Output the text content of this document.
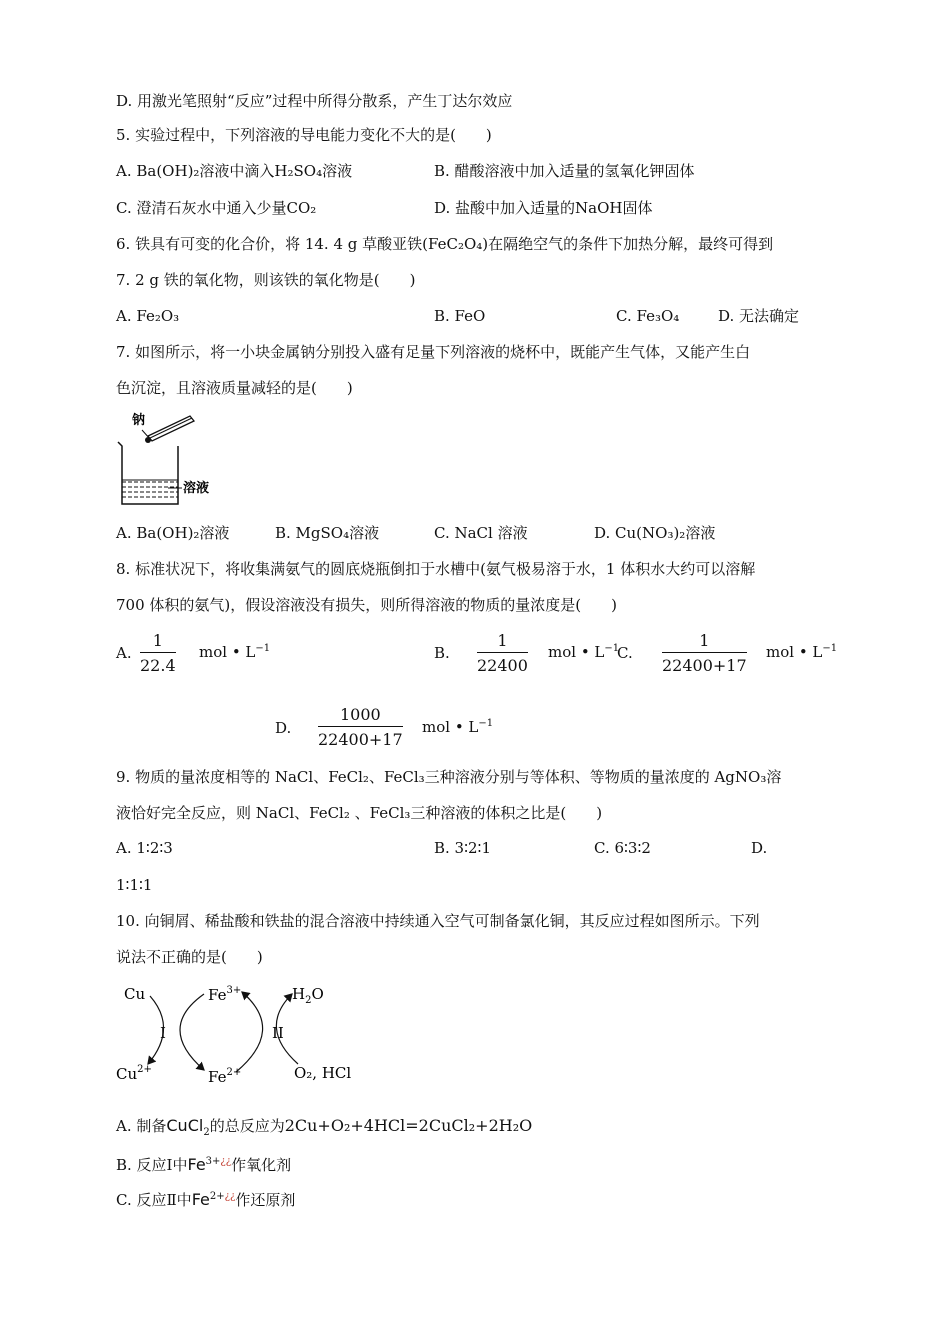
D. 用激光笔照射“反应”过程中所得分散系，产生丁达尔效应
5. 实验过程中，下列溶液的导电能力变化不大的是(　　)
A. Ba(OH)₂溶液中滴入H₂SO₄溶液	B. 醋酸溶液中加入适量的氢氧化钾固体
C. 澄清石灰水中通入少量CO₂	D. 盐酸中加入适量的NaOH固体
6. 铁具有可变的化合价，将 14. 4 g 草酸亚铁(FeC₂O₄)在隔绝空气的条件下加热分解，最终可得到
7. 2 g 铁的氧化物，则该铁的氧化物是(　　)
A. Fe₂O₃	B. FeO	C. Fe₃O₄	D. 无法确定
7. 如图所示，将一小块金属钠分别投入盛有足量下列溶液的烧杯中，既能产生气体，又能产生白
色沉淀，且溶液质量减轻的是(　　)
钠
溶液
A. Ba(OH)₂溶液	B. MgSO₄溶液	C. NaCl 溶液	D. Cu(NO₃)₂溶液
8. 标准状况下，将收集满氨气的圆底烧瓶倒扣于水槽中(氨气极易溶于水，1 体积水大约可以溶解
700 体积的氨气)，假设溶液没有损失，则所得溶液的物质的量浓度是(　　)
A. $\frac{1}{22.4}$ mol • $L^{-1}$	B. $\frac{1}{22400}$ mol • $L^{-1}$
C. $\frac{1}{22400+17}$ mol • $L^{-1}$
D. $\frac{1000}{22400+17}$ mol • $L^{-1}$
9. 物质的量浓度相等的 NaCl、FeCl₂、FeCl₃三种溶液分别与等体积、等物质的量浓度的 AgNO₃溶
液恰好完全反应，则 NaCl、FeCl₂ 、FeCl₃三种溶液的体积之比是(　　)
A. 1∶2∶3	B. 3∶2∶1	C. 6∶3∶2	D.
1∶1∶1
10. 向铜屑、稀盐酸和铁盐的混合溶液中持续通入空气可制备氯化铜，其反应过程如图所示。下列
说法不正确的是(　　)
Cu	$Fe^{3+}$	$H_2O$
$Cu^{2+}$	$Fe^{2+}$	O₂, HCl
I	II
A. 制备CuCl$_2$的总反应为2Cu+O₂+4HCl=2CuCl₂+2H₂O
B. 反应Ⅰ中$Fe^{3+¿¿}$作氧化剂
C. 反应Ⅱ中$Fe^{2+¿¿}$作还原剂
